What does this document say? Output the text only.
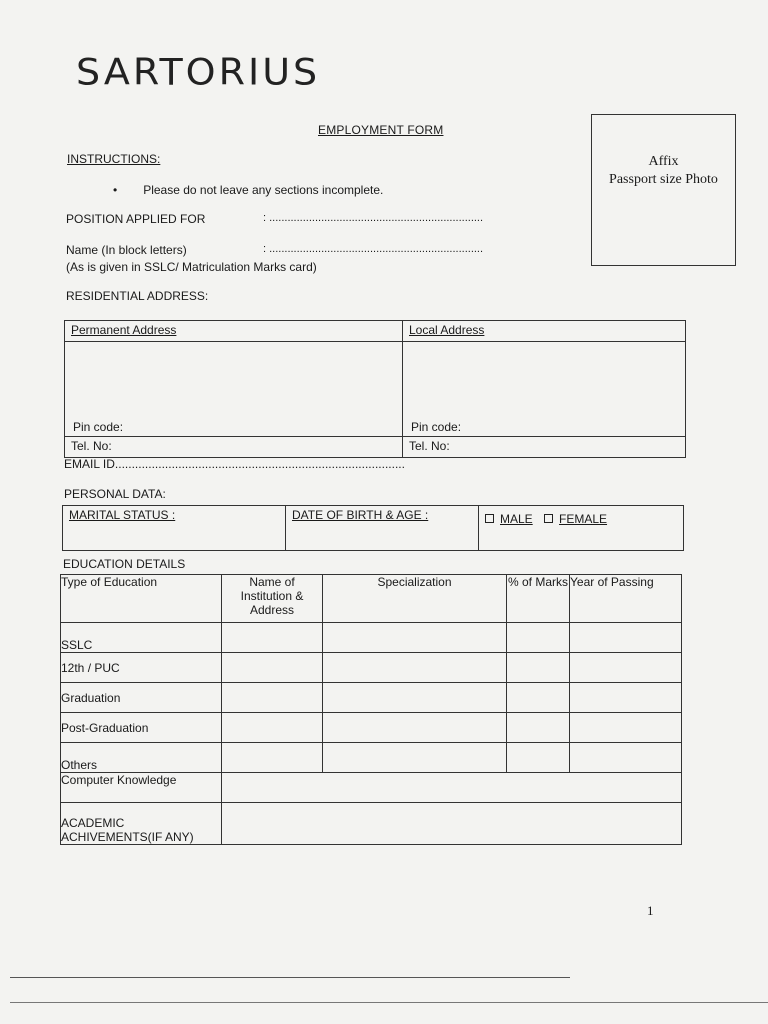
SARTORIUS
EMPLOYMENT FORM
Affix
Passport size Photo
INSTRUCTIONS:
• Please do not leave any sections incomplete.
POSITION APPLIED FOR	: ......................................................................
Name (In block letters)	: ......................................................................
(As is given in SSLC/ Matriculation Marks card)
RESIDENTIAL ADDRESS:
Permanent Address	Local Address

Pin code:	Pin code:

Tel. No:	Tel. No:
EMAIL ID.......................................................................................
PERSONAL DATA:
MARITAL STATUS :	DATE OF BIRTH & AGE :	MALE FEMALE
EDUCATION DETAILS
Type of Education	Name of Institution & Address	Specialization	% of Marks	Year of Passing
SSLC				
12th / PUC				
Graduation				
Post-Graduation				
Others				
Computer Knowledge				
ACADEMIC ACHIVEMENTS(IF ANY)				
1
